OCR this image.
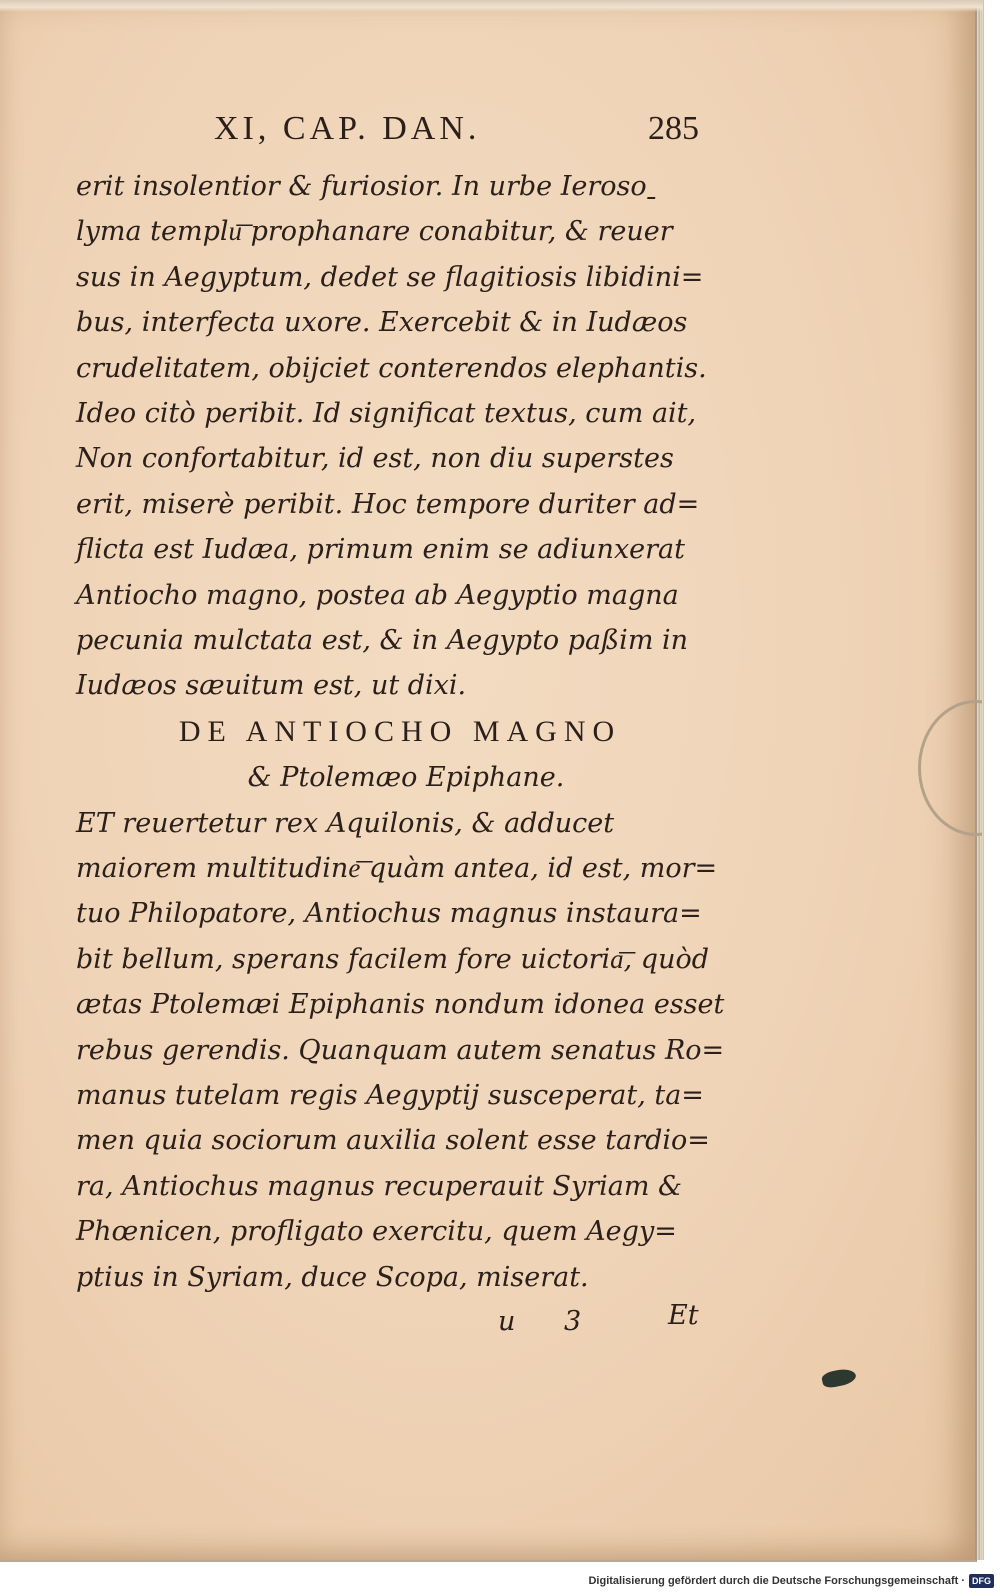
XI, CAP. DAN.	285
erit insolentior & furiosior. In urbe Ierosoˍ
lyma templu͞ prophanare conabitur, & reuer
sus in Aegyptum, dedet se flagitiosis libidini=
bus, interfecta uxore. Exercebit & in Iudæos
crudelitatem, obijciet conterendos elephantis.
Ideo citò peribit. Id significat textus, cum ait,
Non confortabitur, id est, non diu superstes
erit, miserè peribit. Hoc tempore duriter ad=
flicta est Iudæa, primum enim se adiunxerat
Antiocho magno, postea ab Aegyptio magna
pecunia mulctata est, & in Aegypto paßim in
Iudæos sæuitum est, ut dixi.
DE ANTIOCHO MAGNO
& Ptolemæo Epiphane.
ET reuertetur rex Aquilonis, & adducet
maiorem multitudine͞ quàm antea, id est, mor=
tuo Philopatore, Antiochus magnus instaura=
bit bellum, sperans facilem fore uictoria͞, quòd
ætas Ptolemæi Epiphanis nondum idonea esset
rebus gerendis. Quanquam autem senatus Ro=
manus tutelam regis Aegyptij susceperat, ta=
men quia sociorum auxilia solent esse tardio=
ra, Antiochus magnus recuperauit Syriam &
Phœnicen, profligato exercitu, quem Aegy=
ptius in Syriam, duce Scopa, miserat.
u 3 Et
Digitalisierung gefördert durch die Deutsche Forschungsgemeinschaft · DFG
